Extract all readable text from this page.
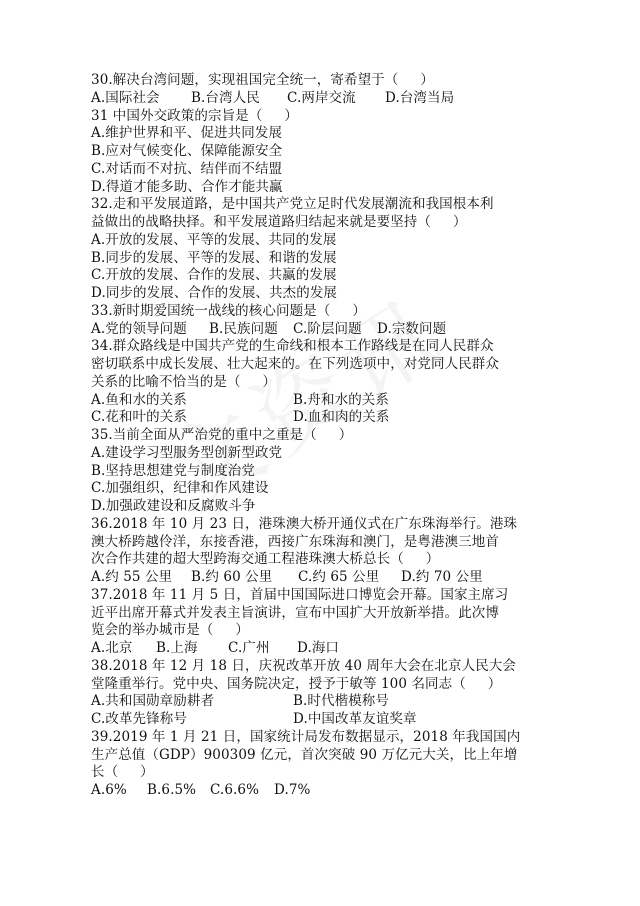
30.解决台湾问题，实现祖国完全统一，寄希望于（     ）
A.国际社会	B.台湾人民	C.两岸交流	D.台湾当局
31 中国外交政策的宗旨是（     ）
A.维护世界和平、促进共同发展
B.应对气候变化、保障能源安全
C.对话而不对抗、结伴而不结盟
D.得道才能多助、合作才能共赢
32.走和平发展道路，是中国共产党立足时代发展潮流和我国根本利
益做出的战略抉择。和平发展道路归结起来就是要坚持（     ）
A.开放的发展、平等的发展、共同的发展
B.同步的发展、平等的发展、和谐的发展
C.开放的发展、合作的发展、共赢的发展
D.同步的发展、合作的发展、共杰的发展
33.新时期爱国统一战线的核心问题是（     ）
A.党的领导问题	B.民族问题	C.阶层问题	D.宗数问题
34.群众路线是中国共产党的生命线和根本工作路线是在同人民群众
密切联系中成长发展、壮大起来的。在下列选项中，对党同人民群众
关系的比喻不恰当的是（     ）
A.鱼和水的关系	B.舟和水的关系
C.花和叶的关系	D.血和肉的关系
35.当前全面从严治党的重中之重是（     ）
A.建设学习型服务型创新型政党
B.坚持思想建党与制度治党
C.加强组织，纪律和作风建设
D.加强政建设和反腐败斗争
36.2018 年 10 月 23 日，港珠澳大桥开通仪式在广东珠海举行。港珠
澳大桥跨越伶洋，东接香港，西接广东珠海和澳门，是粤港澳三地首
次合作共建的超大型跨海交通工程港珠澳大桥总长（     ）
A.约 55 公里	B.约 60 公里	C.约 65 公里	D.约 70 公里
37.2018 年 11 月 5 日，首届中国国际进口博览会开幕。国家主席习
近平出席开幕式并发表主旨演讲，宣布中国扩大开放新举措。此次博
览会的举办城市是（     ）
A.北京	B.上海	C.广州	D.海口
38.2018 年 12 月 18 日，庆祝改革开放 40 周年大会在北京人民大会
堂隆重举行。党中央、国务院决定，授予于敏等 100 名同志（     ）
A.共和国勋章励耕者	B.时代楷模称号
C.改革先锋称号	D.中国改革友谊奖章
39.2019 年 1 月 21 日，国家统计局发布数据显示，2018 年我国国内
生产总值（GDP）900309 亿元，首次突破 90 万亿元大关，比上年增
长（     ）
A.6%	B.6.5%	C.6.6%	D.7%
